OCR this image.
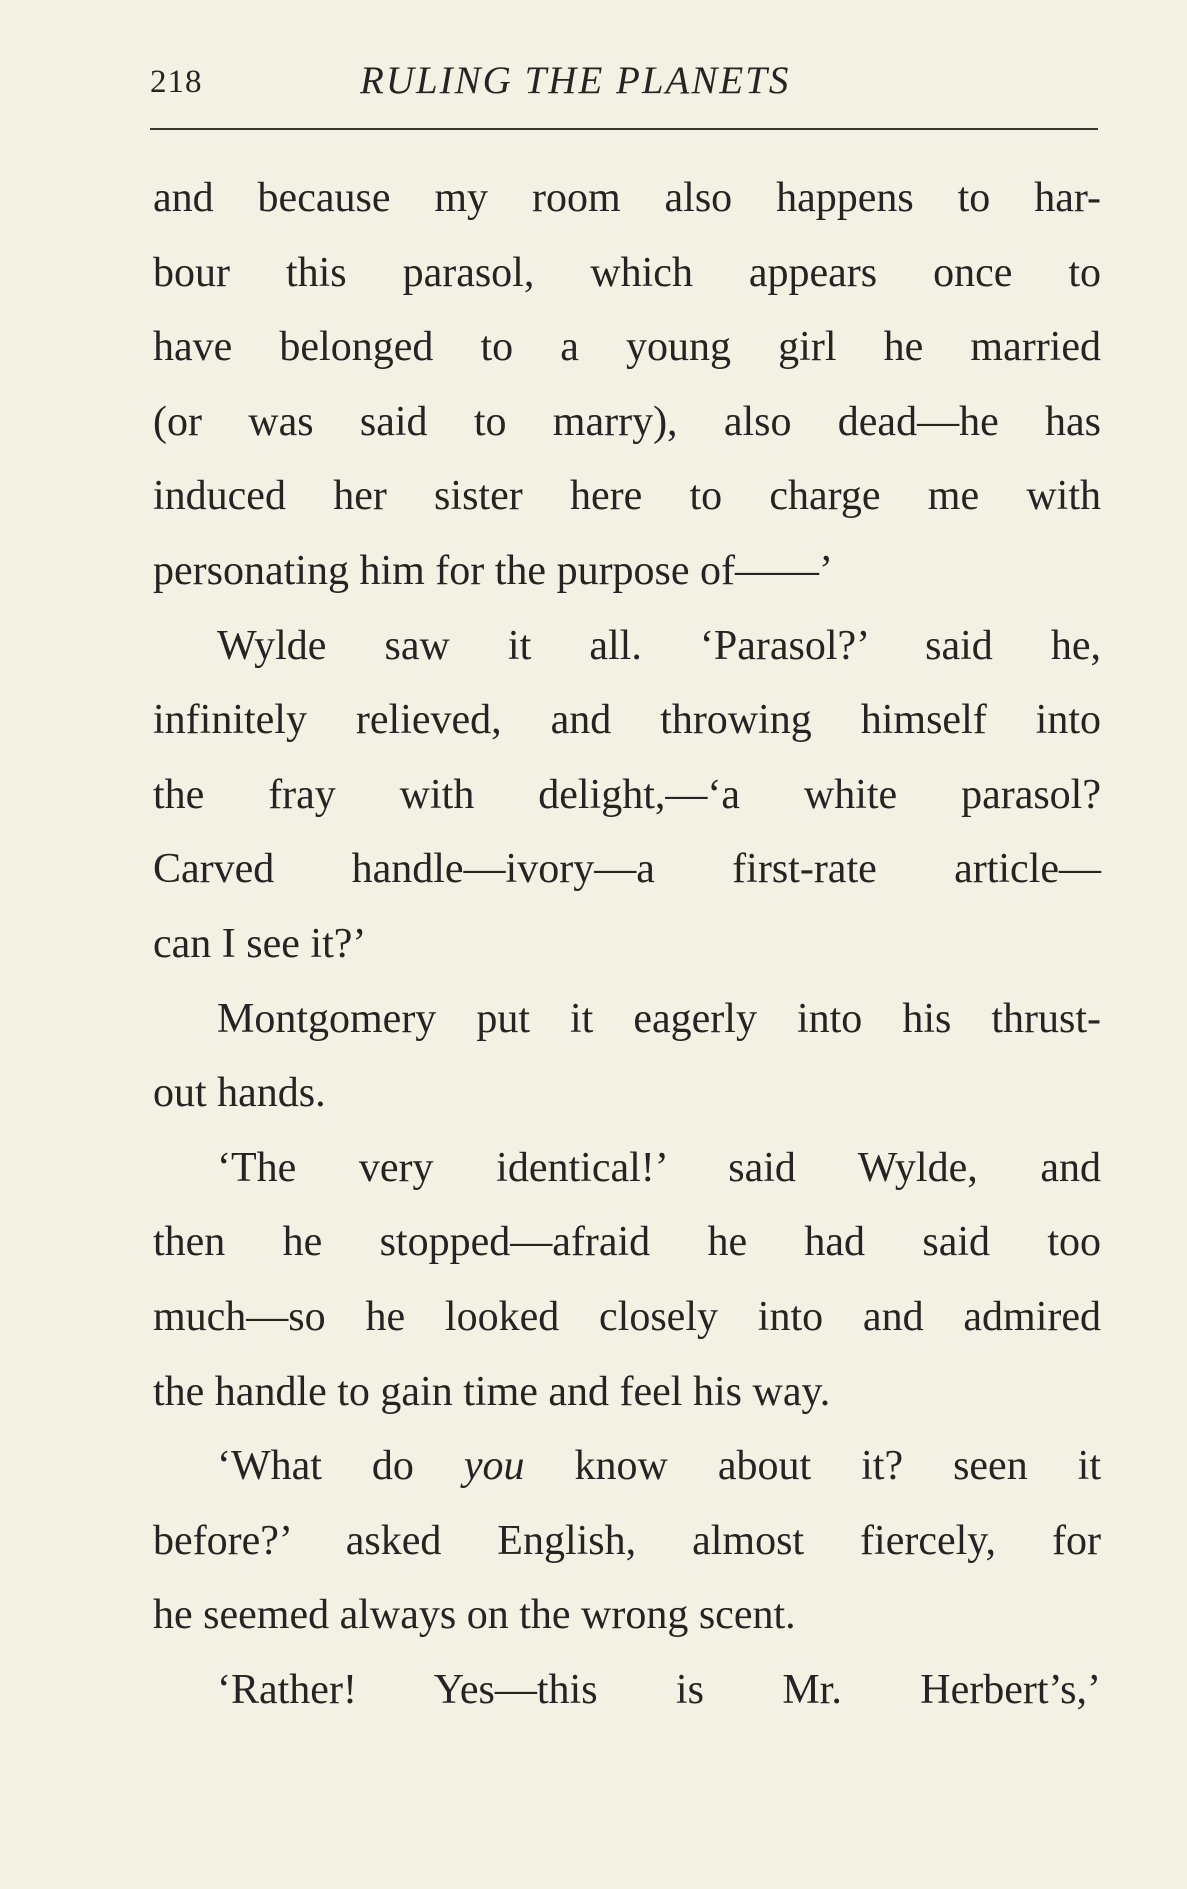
218	RULING THE PLANETS
and because my room also happens to har-
bour this parasol, which appears once to
have belonged to a young girl he married
(or was said to marry), also dead—he has
induced her sister here to charge me with
personating him for the purpose of——’
Wylde saw it all. ‘Parasol?’ said he,
infinitely relieved, and throwing himself into
the fray with delight,—‘a white parasol?
Carved handle—ivory—a first-rate article—
can I see it?’
Montgomery put it eagerly into his thrust-
out hands.
‘The very identical!’ said Wylde, and
then he stopped—afraid he had said too
much—so he looked closely into and admired
the handle to gain time and feel his way.
‘What do you know about it? seen it
before?’ asked English, almost fiercely, for
he seemed always on the wrong scent.
‘Rather! Yes—this is Mr. Herbert’s,’
